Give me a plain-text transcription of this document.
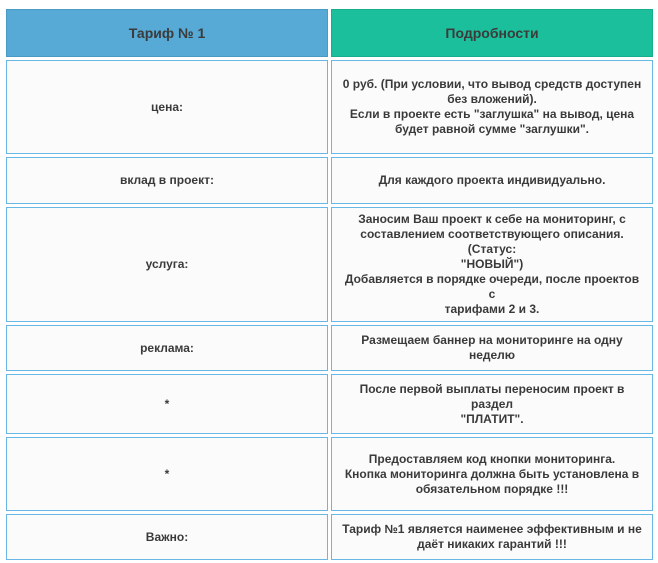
Тариф № 1	Подробности
цена:	0 руб. (При условии, что вывод средств доступен
без вложений).
Если в проекте есть "заглушка" на вывод, цена
будет равной сумме "заглушки".

вклад в проект:	Для каждого проекта индивидуально.

услуга:	Заносим Ваш проект к себе на мониторинг, с
составлением соответствующего описания.(Статус:
"НОВЫЙ")
Добавляется в порядке очереди, после проектов с
тарифами 2 и 3.

реклама:	Размещаем баннер на мониторинге на одну неделю

*	После первой выплаты переносим проект в раздел
"ПЛАТИТ".

*	Предоставляем код кнопки мониторинга.
Кнопка мониторинга должна быть установлена в
обязательном порядке !!!

Важно:	Тариф №1 является наименее эффективным и не
даёт никаких гарантий !!!
